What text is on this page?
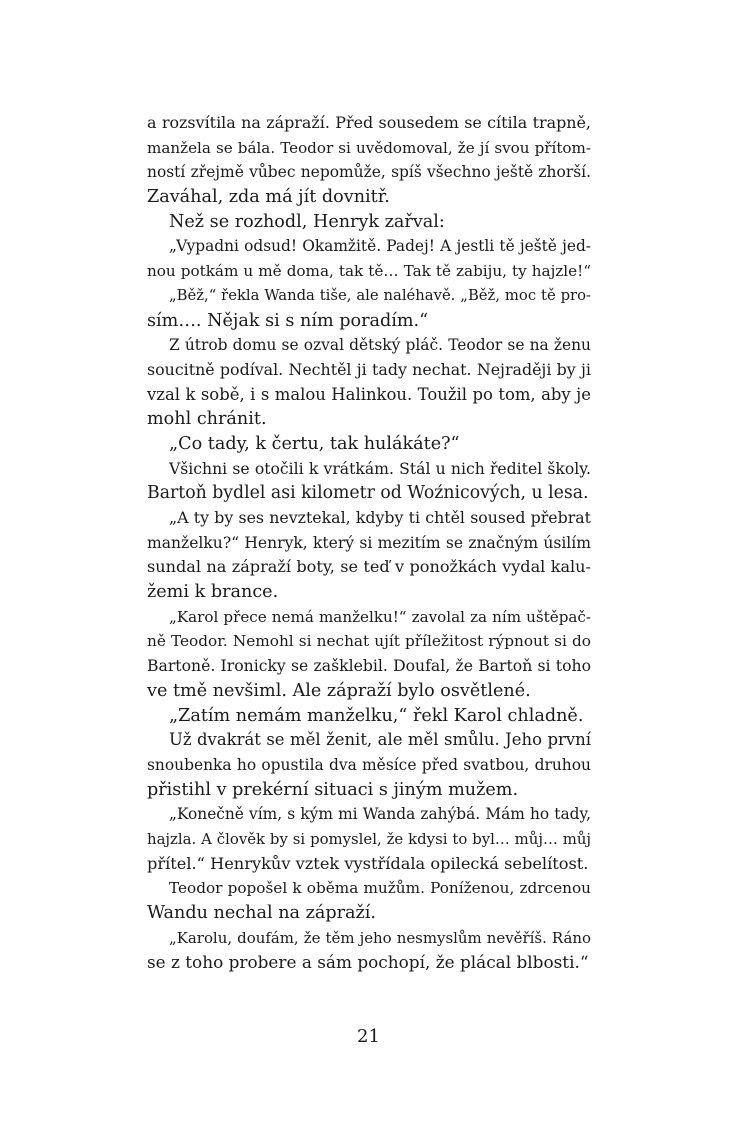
a rozsvítila na zápraží. Před sousedem se cítila trapně,
manžela se bála. Teodor si uvědomoval, že jí svou přítom-
ností zřejmě vůbec nepomůže, spíš všechno ještě zhorší.
Zaváhal, zda má jít dovnitř.
Než se rozhodl, Henryk zařval:
„Vypadni odsud! Okamžitě. Padej! A jestli tě ještě jed-
nou potkám u mě doma, tak tě… Tak tě zabiju, ty hajzle!“
„Běž,“ řekla Wanda tiše, ale naléhavě. „Běž, moc tě pro-
sím…. Nějak si s ním poradím.“
Z útrob domu se ozval dětský pláč. Teodor se na ženu
soucitně podíval. Nechtěl ji tady nechat. Nejraději by ji
vzal k sobě, i s malou Halinkou. Toužil po tom, aby je
mohl chránit.
„Co tady, k čertu, tak hulákáte?“
Všichni se otočili k vrátkám. Stál u nich ředitel školy.
Bartoň bydlel asi kilometr od Woźnicových, u lesa.
„A ty by ses nevztekal, kdyby ti chtěl soused přebrat
manželku?“ Henryk, který si mezitím se značným úsilím
sundal na zápraží boty, se teď v ponožkách vydal kalu-
žemi k brance.
„Karol přece nemá manželku!“ zavolal za ním uštěpač-
ně Teodor. Nemohl si nechat ujít příležitost rýpnout si do
Bartoně. Ironicky se zašklebil. Doufal, že Bartoň si toho
ve tmě nevšiml. Ale zápraží bylo osvětlené.
„Zatím nemám manželku,“ řekl Karol chladně.
Už dvakrát se měl ženit, ale měl smůlu. Jeho první
snoubenka ho opustila dva měsíce před svatbou, druhou
přistihl v prekérní situaci s jiným mužem.
„Konečně vím, s kým mi Wanda zahýbá. Mám ho tady,
hajzla. A člověk by si pomyslel, že kdysi to byl… můj… můj
přítel.“ Henrykův vztek vystřídala opilecká sebelítost.
Teodor popošel k oběma mužům. Poníženou, zdrcenou
Wandu nechal na zápraží.
„Karolu, doufám, že těm jeho nesmyslům nevěříš. Ráno
se z toho probere a sám pochopí, že plácal blbosti.“
21
